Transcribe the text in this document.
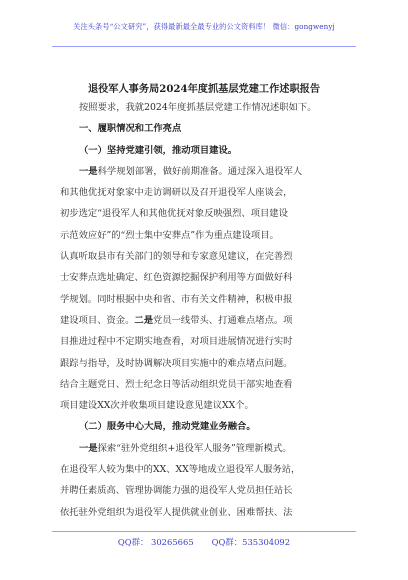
关注头条号“公文研究”，获得最新最全最专业的公文资料库！ 微信：gongwenyj
退役军人事务局2024年度抓基层党建工作述职报告
按照要求，我就2024年度抓基层党建工作情况述职如下。
一、履职情况和工作亮点
（一）坚持党建引领，推动项目建设。
一是科学规划部署，做好前期准备。通过深入退役军人
和其他优抚对象家中走访调研以及召开退役军人座谈会，
初步选定“退役军人和其他优抚对象反映强烈、项目建设
示范效应好”的“烈士集中安葬点”作为重点建设项目。
认真听取县市有关部门的领导和专家意见建议，在完善烈
士安葬点选址确定、红色资源挖掘保护利用等方面做好科
学规划。同时根据中央和省、市有关文件精神，积极申报
建设项目、资金。二是党员一线带头、打通难点堵点。项
目推进过程中不定期实地查看，对项目进展情况进行实时
跟踪与指导，及时协调解决项目实施中的难点堵点问题。
结合主题党日、烈士纪念日等活动组织党员干部实地查看
项目建设XX次并收集项目建设意见建议XX个。
（二）服务中心大局，推动党建业务融合。
一是探索“驻外党组织+退役军人服务”管理新模式。
在退役军人较为集中的XX、XX等地成立退役军人服务站，
并聘任素质高、管理协调能力强的退役军人党员担任站长
依托驻外党组织为退役军人提供就业创业、困难帮扶、法
QQ群： 30265665 QQ群：535304092
